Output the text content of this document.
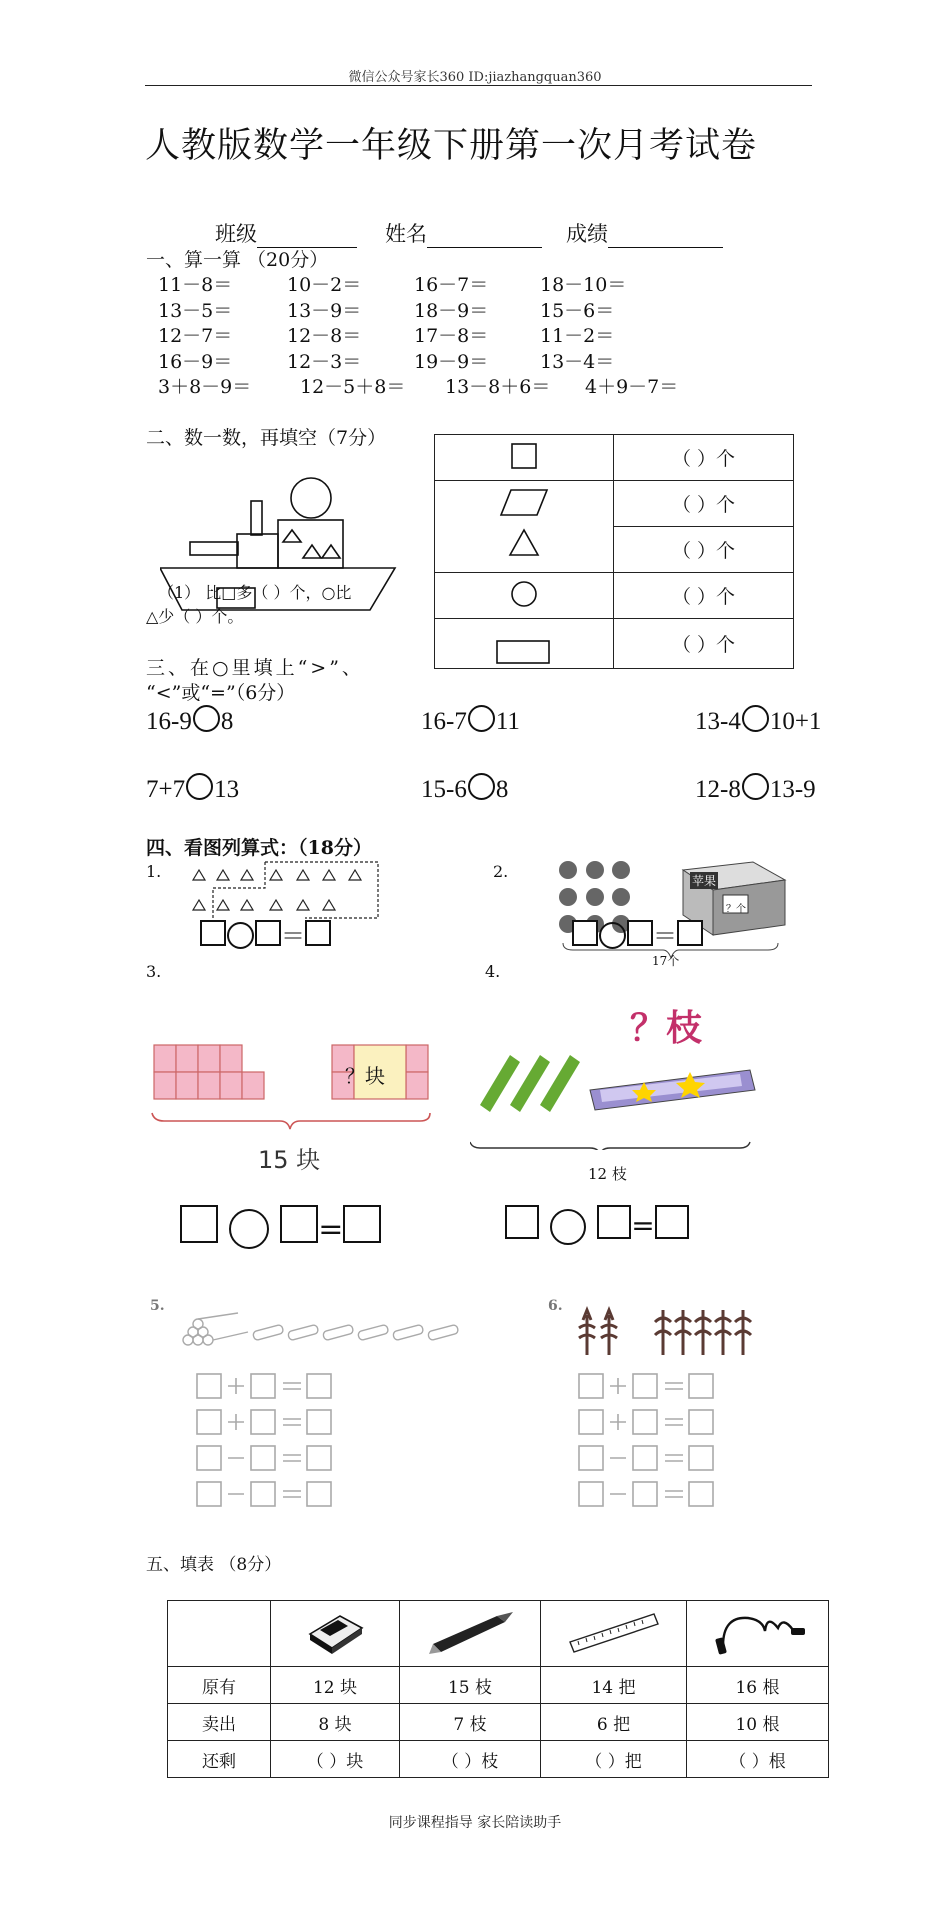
微信公众号家长360 ID:jiazhangquan360
人教版数学一年级下册第一次月考试卷
班级	姓名	成绩
一、算一算 （20分）
11－8＝	10－2＝	16－7＝	18－10＝
13－5＝	13－9＝	18－9＝	15－6＝
12－7＝	12－8＝	17－8＝	11－2＝
16－9＝	12－3＝	19－9＝	13－4＝
3＋8－9＝	12－5＋8＝ 13－8＋6＝ 4＋9－7＝
二、数一数，再填空（7分）
（1） 比□多（ ）个，○比
△少（ ）个。
	（ ）个
	（ ）个
	（ ）个
	（ ）个
	（ ）个
三、在○里填上“>”、
“<”或“=”（6分）
16-9 8	16-7 11	13-4 10+1
7+7 13	15-6 8	12-8 13-9
四、看图列算式：（18分）
1.
＝
2.	苹果
？个
17个
＝
3.
？块
15 块
=
4.
？枝
12 枝
=
5.	6.
五、填表 （8分）

原有	12 块	15 枝	14 把	16 根
卖出	8 块	7 枝	6 把	10 根
还剩	（ ）块	（ ）枝	（ ）把	（ ）根
同步课程指导 家长陪读助手
